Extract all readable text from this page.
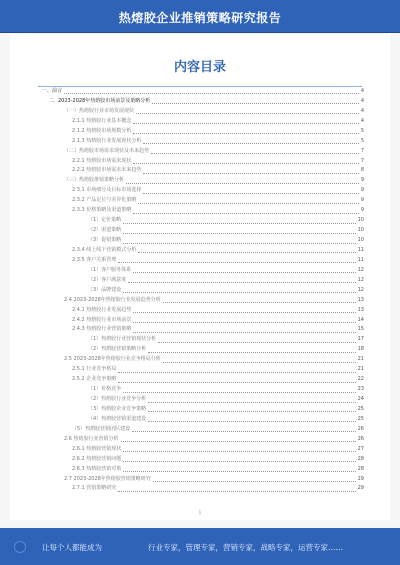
热熔胶企业推销策略研究报告
内容目录
一、前言	4
二、2023-2028年热熔胶市场前景及策略分析	4
（一）热熔胶行业市场发展现状	4
2.1.1 热熔胶行业基本概念	4
2.1.2 热熔胶市场规模分析	5
2.1.3 热熔胶行业发展现状分析	5
（二）热熔胶市场需求现状及未来趋势	7
2.2.1 热熔胶市场需求现状	7
2.2.2 热熔胶市场需求未来趋势	8
（三）热熔胶推销策略分析	9
2.3.1 市场细分及目标市场选择	9
2.3.2 产品定位与差异化策略	9
2.3.3 价格策略及渠道策略	9
（1）定价策略	10
（2）渠道策略	10
（3）促销策略	10
2.3.4 线上线下营销模式分析	11
2.3.5 客户关系管理	11
（1）客户服务体系	12
（2）客户满意度	12
（3）品牌建设	12
2.4 2023-2028年热熔胶行业发展趋势分析	13
2.4.1 热熔胶行业发展趋势	13
2.4.2 热熔胶行业市场前景	14
2.4.3 热熔胶行业营销策略	15
（1）热熔胶行业营销现状分析	17
（2）热熔胶营销策略分析	18
2.5 2023-2028年热熔胶行业竞争格局分析	21
2.5.1 行业竞争格局	21
2.5.2 企业竞争策略	22
（1）价格竞争	23
（2）热熔胶行业竞争分析	24
（3）热熔胶企业竞争策略	25
（4）热熔胶营销渠道建设	25
（5）热熔胶营销团队建设	26
2.6 热熔胶行业营销分析	26
2.6.1 热熔胶营销现状	27
2.6.2 热熔胶营销问题	28
2.6.3 热熔胶营销对策	28
2.7 2023-2028年热熔胶营销策略研究	29
2.7.1 营销策略研究	29
1
让每个人都能成为	行业专家，管理专家，营销专家，战略专家，运营专家……
